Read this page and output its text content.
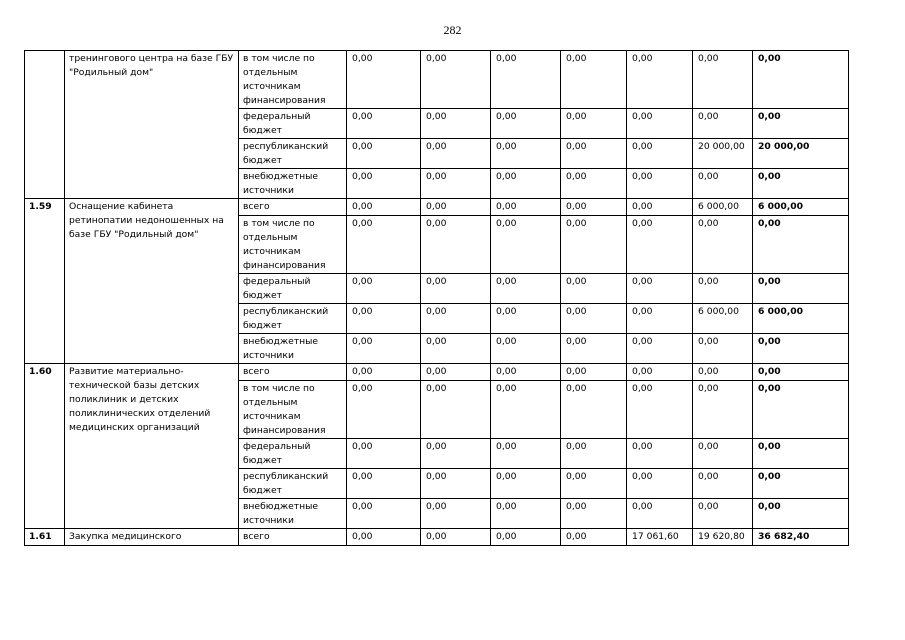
282
	тренингового центра на базе ГБУ "Родильный дом"	в том числе по отдельным источникам финансирования	0,00	0,00	0,00	0,00	0,00	0,00	0,00
		федеральный бюджет	0,00	0,00	0,00	0,00	0,00	0,00	0,00
		республиканский бюджет	0,00	0,00	0,00	0,00	0,00	20 000,00	20 000,00
		внебюджетные источники	0,00	0,00	0,00	0,00	0,00	0,00	0,00
1.59	Оснащение кабинета ретинопатии недоношенных на базе ГБУ "Родильный дом"	всего	0,00	0,00	0,00	0,00	0,00	6 000,00	6 000,00
		в том числе по отдельным источникам финансирования	0,00	0,00	0,00	0,00	0,00	0,00	0,00
		федеральный бюджет	0,00	0,00	0,00	0,00	0,00	0,00	0,00
		республиканский бюджет	0,00	0,00	0,00	0,00	0,00	6 000,00	6 000,00
		внебюджетные источники	0,00	0,00	0,00	0,00	0,00	0,00	0,00
1.60	Развитие материально-технической базы детских поликлиник и детских поликлинических отделений медицинских организаций	всего	0,00	0,00	0,00	0,00	0,00	0,00	0,00
		в том числе по отдельным источникам финансирования	0,00	0,00	0,00	0,00	0,00	0,00	0,00
		федеральный бюджет	0,00	0,00	0,00	0,00	0,00	0,00	0,00
		республиканский бюджет	0,00	0,00	0,00	0,00	0,00	0,00	0,00
		внебюджетные источники	0,00	0,00	0,00	0,00	0,00	0,00	0,00
1.61	Закупка медицинского	всего	0,00	0,00	0,00	0,00	17 061,60	19 620,80	36 682,40
